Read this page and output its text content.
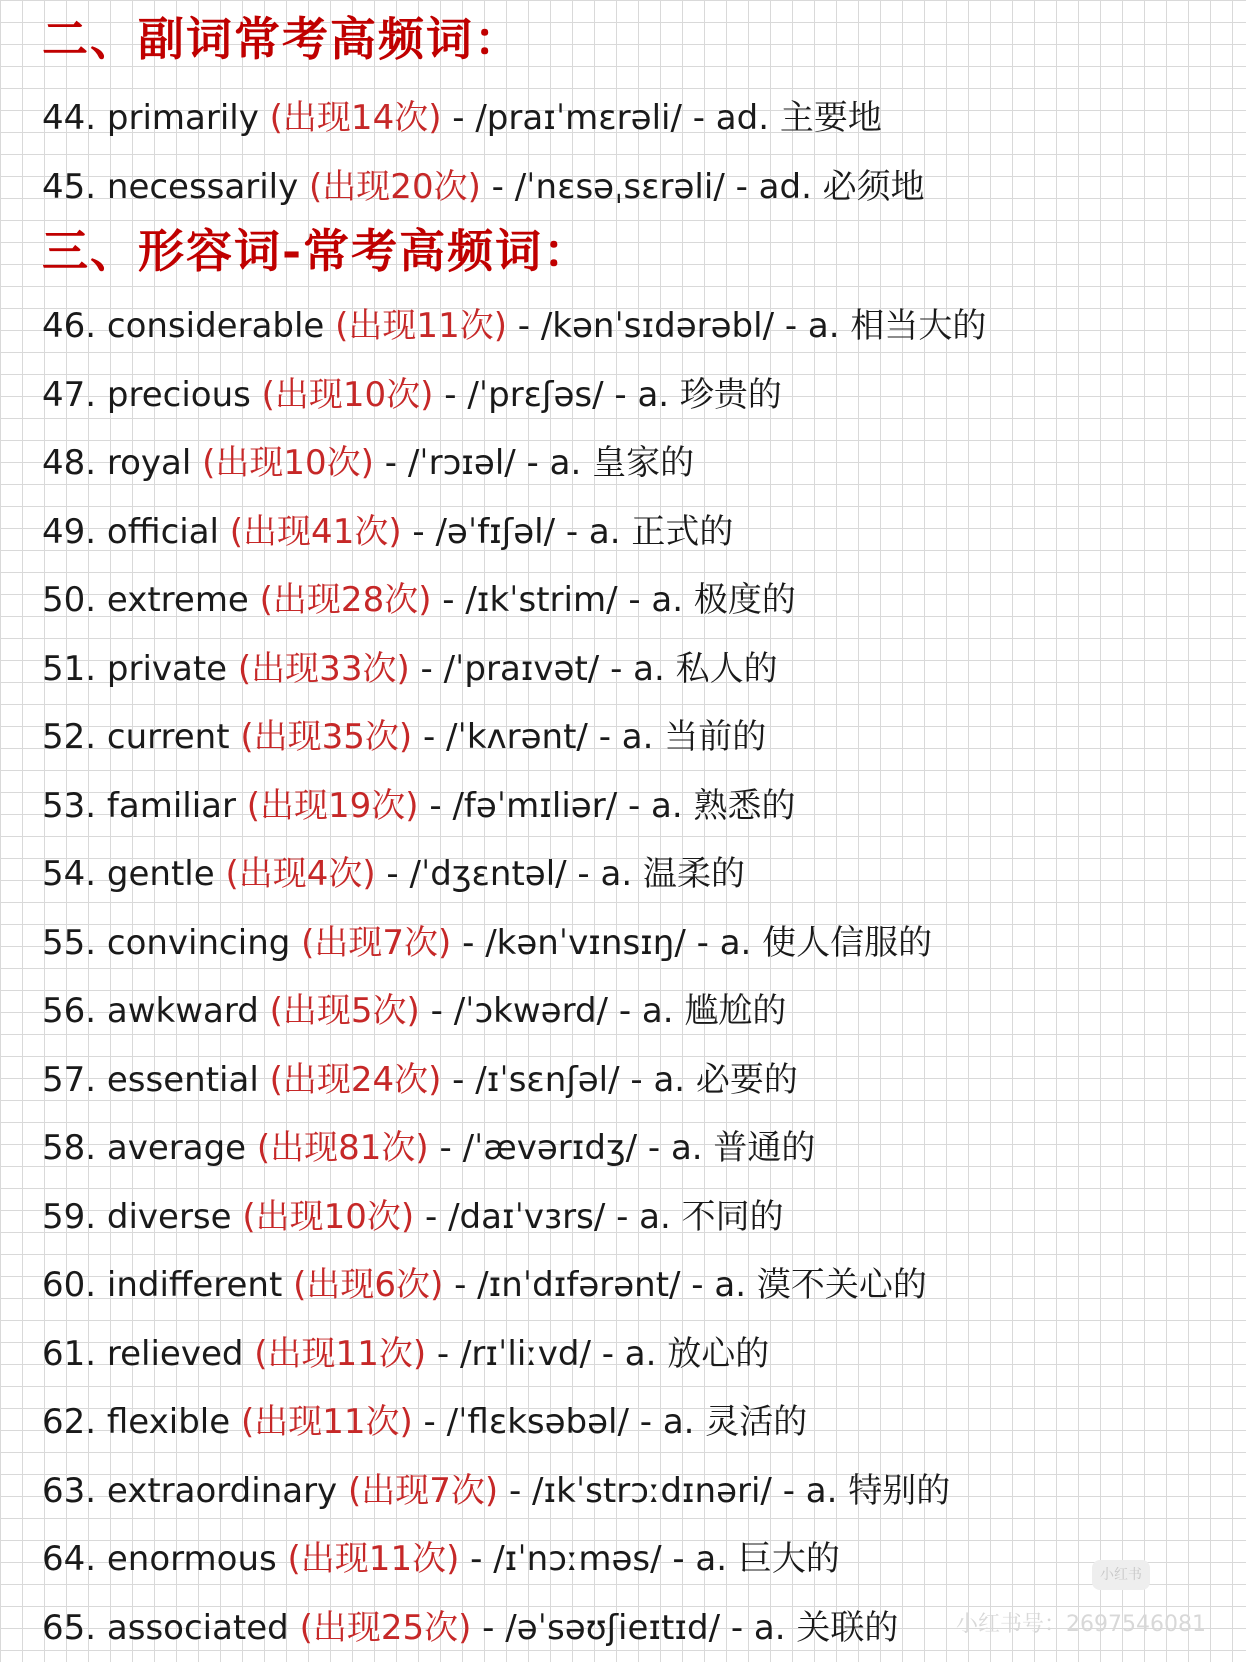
二、副词常考高频词：
44. primarily (出现14次) - /praɪˈmɛrəli/ - ad. 主要地
45. necessarily (出现20次) - /ˈnɛsəˌsɛrəli/ - ad. 必须地
三、形容词-常考高频词：
46. considerable (出现11次) - /kənˈsɪdərəbl/ - a. 相当大的
47. precious (出现10次) - /ˈprɛʃəs/ - a. 珍贵的
48. royal (出现10次) - /ˈrɔɪəl/ - a. 皇家的
49. official (出现41次) - /əˈfɪʃəl/ - a. 正式的
50. extreme (出现28次) - /ɪkˈstrim/ - a. 极度的
51. private (出现33次) - /ˈpraɪvət/ - a. 私人的
52. current (出现35次) - /ˈkʌrənt/ - a. 当前的
53. familiar (出现19次) - /fəˈmɪliər/ - a. 熟悉的
54. gentle (出现4次) - /ˈdʒɛntəl/ - a. 温柔的
55. convincing (出现7次) - /kənˈvɪnsɪŋ/ - a. 使人信服的
56. awkward (出现5次) - /ˈɔkwərd/ - a. 尴尬的
57. essential (出现24次) - /ɪˈsɛnʃəl/ - a. 必要的
58. average (出现81次) - /ˈævərɪdʒ/ - a. 普通的
59. diverse (出现10次) - /daɪˈvɜrs/ - a. 不同的
60. indifferent (出现6次) - /ɪnˈdɪfərənt/ - a. 漠不关心的
61. relieved (出现11次) - /rɪˈliːvd/ - a. 放心的
62. flexible (出现11次) - /ˈflɛksəbəl/ - a. 灵活的
63. extraordinary (出现7次) - /ɪkˈstrɔːdɪnəri/ - a. 特别的
64. enormous (出现11次) - /ɪˈnɔːməs/ - a. 巨大的
65. associated (出现25次) - /əˈsəʊʃieɪtɪd/ - a. 关联的
小红书
小红书号：2697546081
